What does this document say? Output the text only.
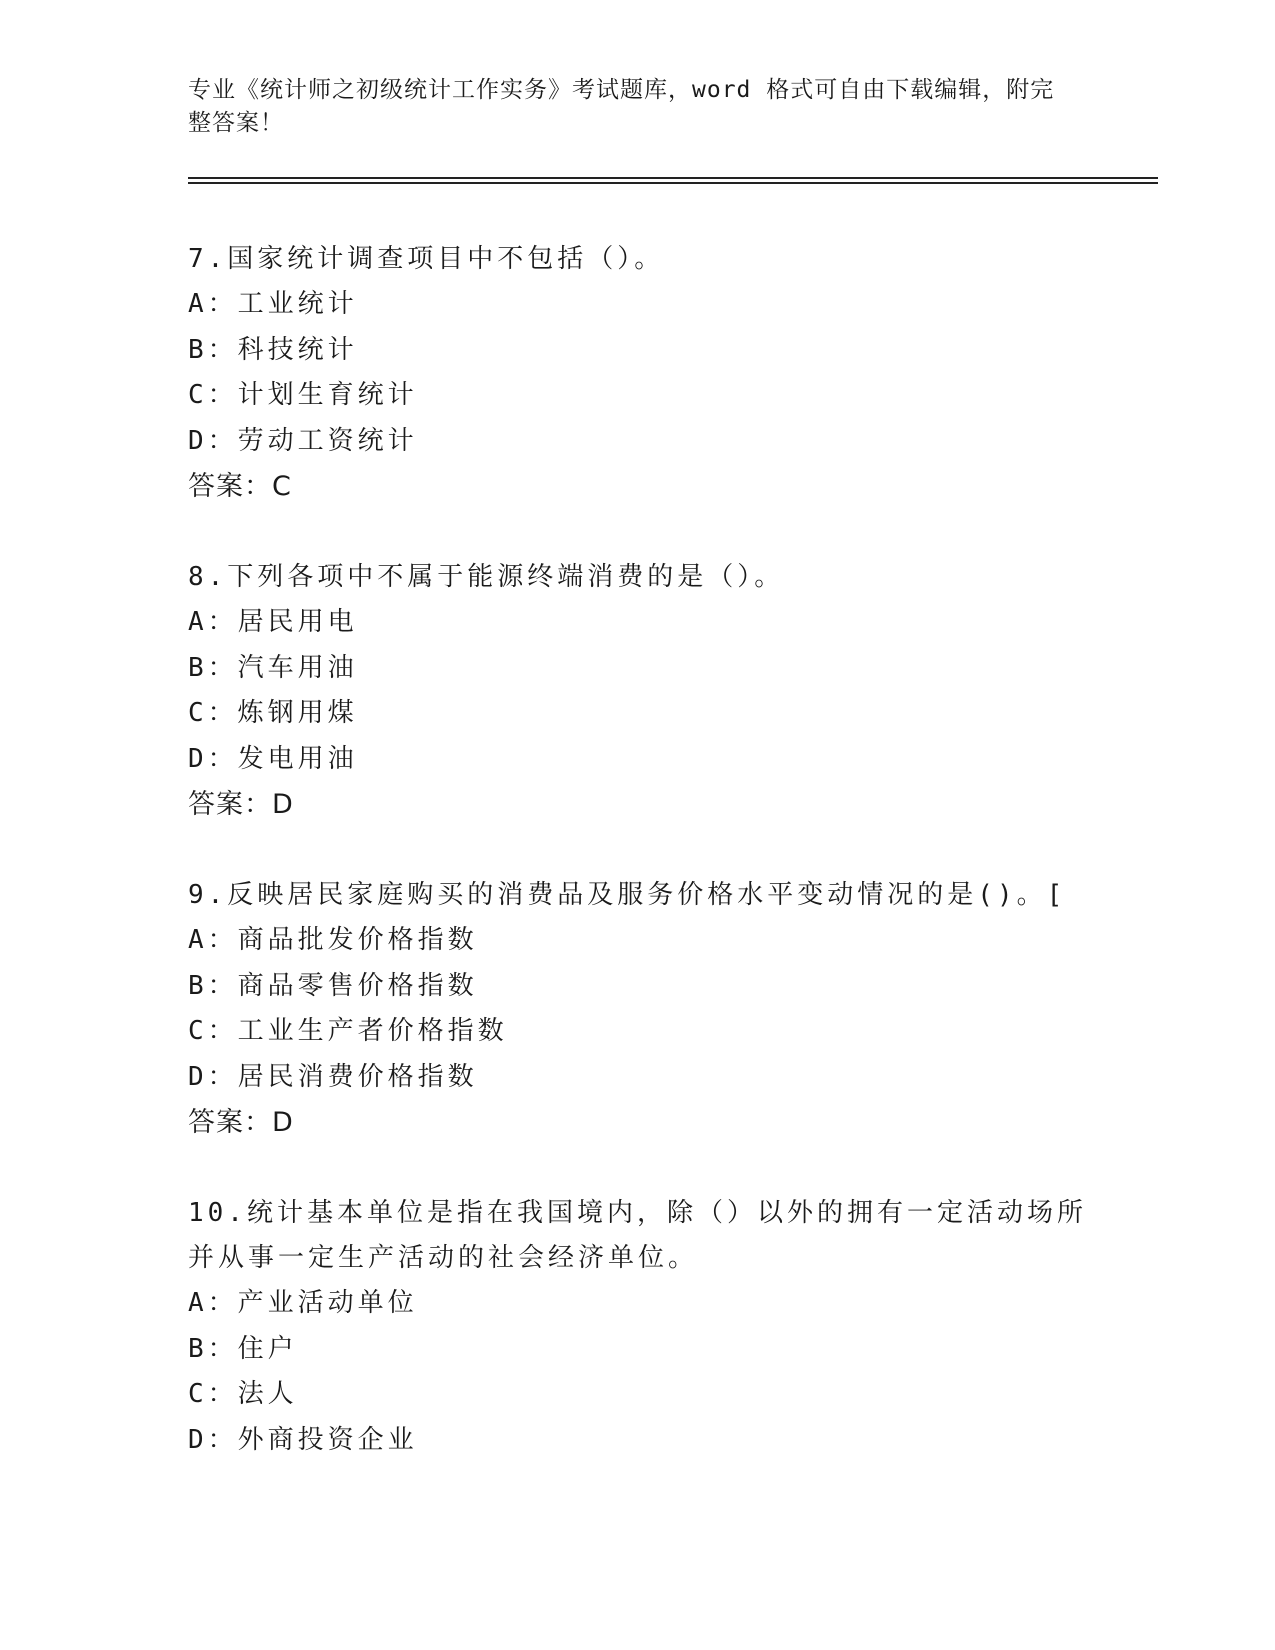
专业《统计师之初级统计工作实务》考试题库，word 格式可自由下载编辑，附完整答案！
7.国家统计调查项目中不包括（）。
A：工业统计
B：科技统计
C：计划生育统计
D：劳动工资统计
答案：C
8.下列各项中不属于能源终端消费的是（）。
A：居民用电
B：汽车用油
C：炼钢用煤
D：发电用油
答案：D
9.反映居民家庭购买的消费品及服务价格水平变动情况的是()。[
A：商品批发价格指数
B：商品零售价格指数
C：工业生产者价格指数
D：居民消费价格指数
答案：D
10.统计基本单位是指在我国境内，除（）以外的拥有一定活动场所并从事一定生产活动的社会经济单位。
A：产业活动单位
B：住户
C：法人
D：外商投资企业
